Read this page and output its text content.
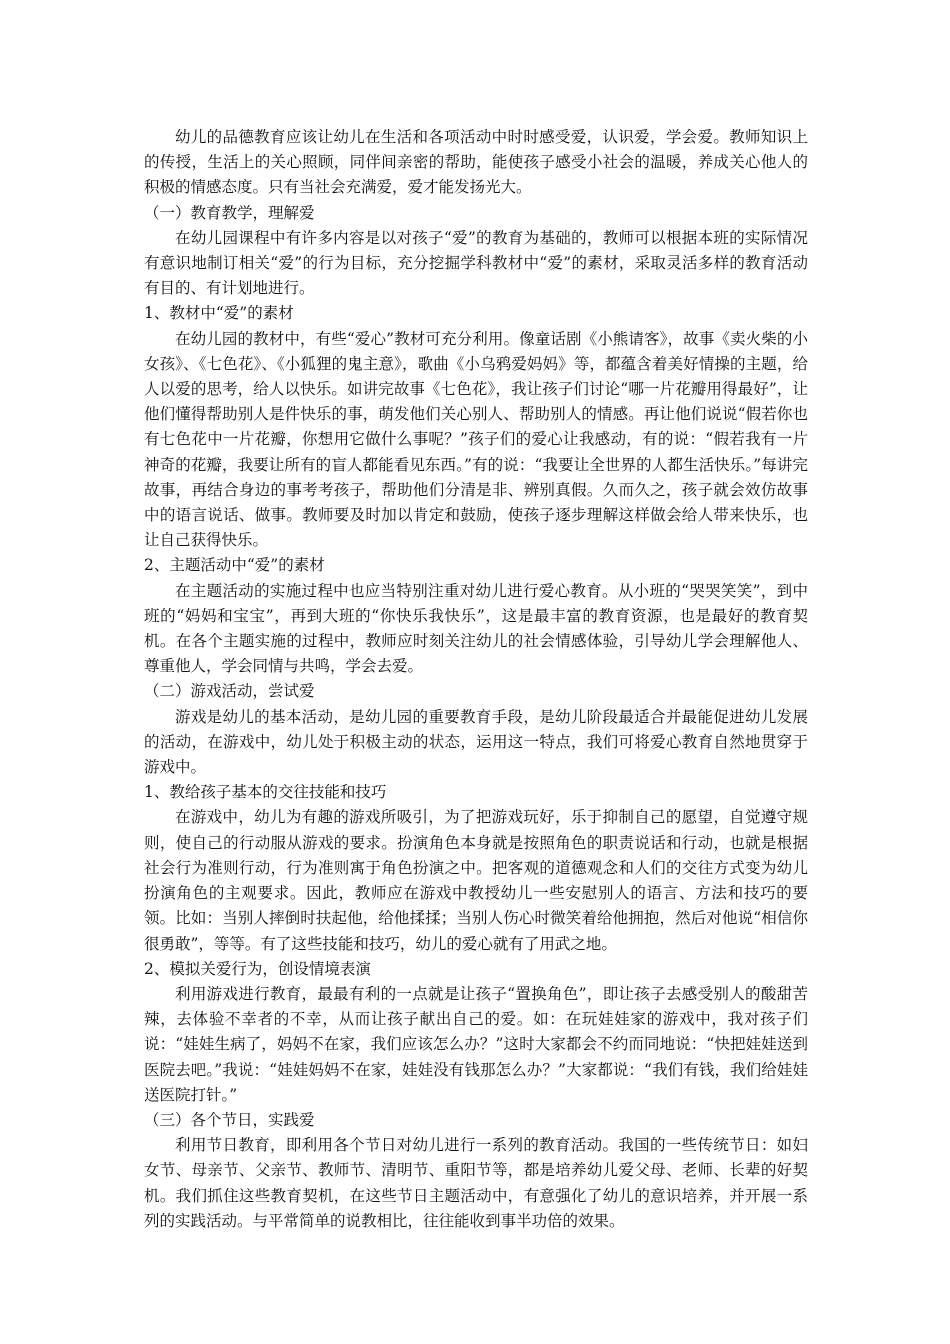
幼儿的品德教育应该让幼儿在生活和各项活动中时时感受爱，认识爱，学会爱。教师知识上的传授，生活上的关心照顾，同伴间亲密的帮助，能使孩子感受小社会的温暖，养成关心他人的积极的情感态度。只有当社会充满爱，爱才能发扬光大。

（一）教育教学，理解爱

在幼儿园课程中有许多内容是以对孩子“爱”的教育为基础的，教师可以根据本班的实际情况有意识地制订相关“爱”的行为目标，充分挖掘学科教材中“爱”的素材，采取灵活多样的教育活动有目的、有计划地进行。

1、教材中“爱”的素材

在幼儿园的教材中，有些“爱心”教材可充分利用。像童话剧《小熊请客》，故事《卖火柴的小女孩》、《七色花》、《小狐狸的鬼主意》，歌曲《小乌鸦爱妈妈》等，都蕴含着美好情操的主题，给人以爱的思考，给人以快乐。如讲完故事《七色花》，我让孩子们讨论“哪一片花瓣用得最好”，让他们懂得帮助别人是件快乐的事，萌发他们关心别人、帮助别人的情感。再让他们说说“假若你也有七色花中一片花瓣，你想用它做什么事呢？”孩子们的爱心让我感动，有的说：“假若我有一片神奇的花瓣，我要让所有的盲人都能看见东西。”有的说：“我要让全世界的人都生活快乐。”每讲完故事，再结合身边的事考考孩子，帮助他们分清是非、辨别真假。久而久之，孩子就会效仿故事中的语言说话、做事。教师要及时加以肯定和鼓励，使孩子逐步理解这样做会给人带来快乐，也让自己获得快乐。

2、主题活动中“爱”的素材

在主题活动的实施过程中也应当特别注重对幼儿进行爱心教育。从小班的“哭哭笑笑”，到中班的“妈妈和宝宝”，再到大班的“你快乐我快乐”，这是最丰富的教育资源，也是最好的教育契机。在各个主题实施的过程中，教师应时刻关注幼儿的社会情感体验，引导幼儿学会理解他人、尊重他人，学会同情与共鸣，学会去爱。

（二）游戏活动，尝试爱

游戏是幼儿的基本活动，是幼儿园的重要教育手段，是幼儿阶段最适合并最能促进幼儿发展的活动，在游戏中，幼儿处于积极主动的状态，运用这一特点，我们可将爱心教育自然地贯穿于游戏中。

1、教给孩子基本的交往技能和技巧

在游戏中，幼儿为有趣的游戏所吸引，为了把游戏玩好，乐于抑制自己的愿望，自觉遵守规则，使自己的行动服从游戏的要求。扮演角色本身就是按照角色的职责说话和行动，也就是根据社会行为准则行动，行为准则寓于角色扮演之中。把客观的道德观念和人们的交往方式变为幼儿扮演角色的主观要求。因此，教师应在游戏中教授幼儿一些安慰别人的语言、方法和技巧的要领。比如：当别人摔倒时扶起他，给他揉揉；当别人伤心时微笑着给他拥抱，然后对他说“相信你很勇敢”，等等。有了这些技能和技巧，幼儿的爱心就有了用武之地。

2、模拟关爱行为，创设情境表演

利用游戏进行教育，最最有利的一点就是让孩子“置换角色”，即让孩子去感受别人的酸甜苦辣，去体验不幸者的不幸，从而让孩子献出自己的爱。如：在玩娃娃家的游戏中，我对孩子们说：“娃娃生病了，妈妈不在家，我们应该怎么办？”这时大家都会不约而同地说：“快把娃娃送到医院去吧。”我说：“娃娃妈妈不在家，娃娃没有钱那怎么办？”大家都说：“我们有钱，我们给娃娃送医院打针。”

（三）各个节日，实践爱

利用节日教育，即利用各个节日对幼儿进行一系列的教育活动。我国的一些传统节日：如妇女节、母亲节、父亲节、教师节、清明节、重阳节等，都是培养幼儿爱父母、老师、长辈的好契机。我们抓住这些教育契机，在这些节日主题活动中，有意强化了幼儿的意识培养，并开展一系列的实践活动。与平常简单的说教相比，往往能收到事半功倍的效果。
